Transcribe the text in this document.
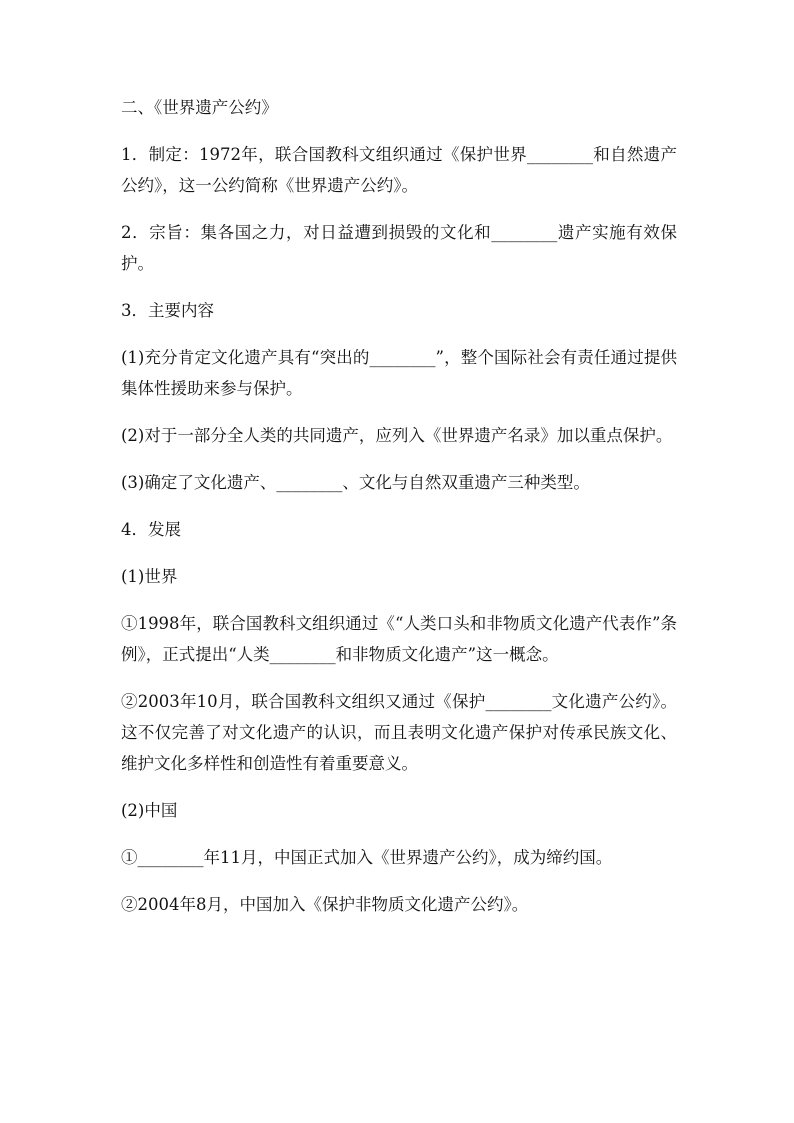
二、《世界遗产公约》

1．制定：1972年，联合国教科文组织通过《保护世界________和自然遗产公约》，这一公约简称《世界遗产公约》。

2．宗旨：集各国之力，对日益遭到损毁的文化和________遗产实施有效保护。

3．主要内容

(1)充分肯定文化遗产具有“突出的________”，整个国际社会有责任通过提供集体性援助来参与保护。

(2)对于一部分全人类的共同遗产，应列入《世界遗产名录》加以重点保护。

(3)确定了文化遗产、________、文化与自然双重遗产三种类型。

4．发展

(1)世界

①1998年，联合国教科文组织通过《“人类口头和非物质文化遗产代表作”条例》，正式提出“人类________和非物质文化遗产”这一概念。

②2003年10月，联合国教科文组织又通过《保护________文化遗产公约》。这不仅完善了对文化遗产的认识，而且表明文化遗产保护对传承民族文化、维护文化多样性和创造性有着重要意义。

(2)中国

①________年11月，中国正式加入《世界遗产公约》，成为缔约国。

②2004年8月，中国加入《保护非物质文化遗产公约》。
